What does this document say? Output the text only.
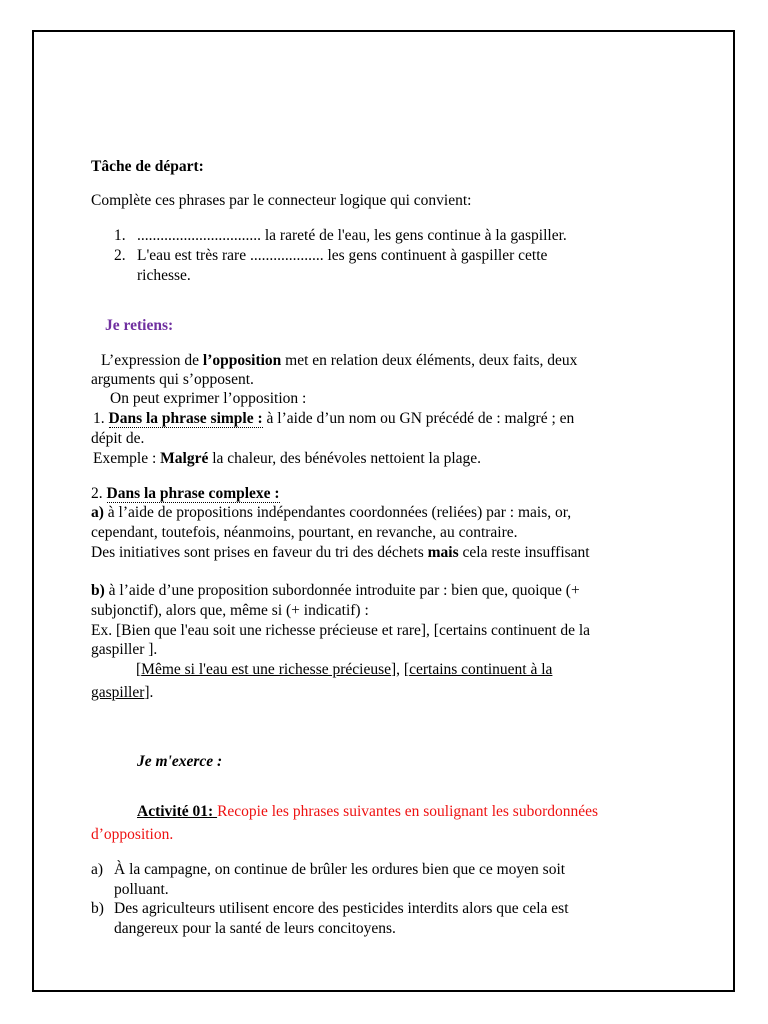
Tâche de départ:
Complète ces phrases par le connecteur logique qui convient:
1. ................................ la rareté de l'eau, les gens continue à la gaspiller.
2. L'eau est très rare ................... les gens continuent à gaspiller cette
richesse.
Je retiens:
L’expression de l’opposition met en relation deux éléments, deux faits, deux
arguments qui s’opposent.
On peut exprimer l’opposition :
1. Dans la phrase simple : à l’aide d’un nom ou GN précédé de : malgré ; en
dépit de.
Exemple : Malgré la chaleur, des bénévoles nettoient la plage.
2. Dans la phrase complexe :
a) à l’aide de propositions indépendantes coordonnées (reliées) par : mais, or,
cependant, toutefois, néanmoins, pourtant, en revanche, au contraire.
Des initiatives sont prises en faveur du tri des déchets mais cela reste insuffisant
b) à l’aide d’une proposition subordonnée introduite par : bien que, quoique (+
subjonctif), alors que, même si (+ indicatif) :
Ex. [Bien que l'eau soit une richesse précieuse et rare], [certains continuent de la
gaspiller ].
[Même si l'eau est une richesse précieuse], [certains continuent à la
gaspiller].
Je m'exerce :
Activité 01: Recopie les phrases suivantes en soulignant les subordonnées
d’opposition.
a) À la campagne, on continue de brûler les ordures bien que ce moyen soit
polluant.
b) Des agriculteurs utilisent encore des pesticides interdits alors que cela est
dangereux pour la santé de leurs concitoyens.
